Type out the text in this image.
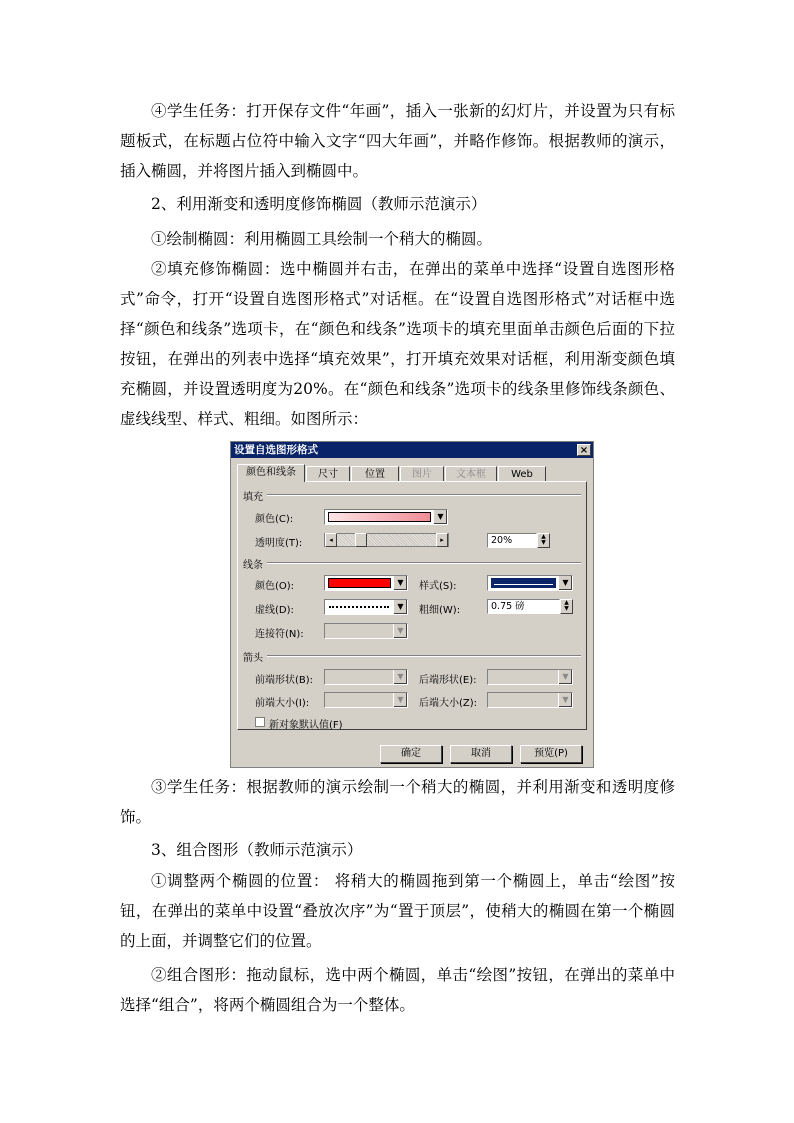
④学生任务：打开保存文件“年画”，插入一张新的幻灯片，并设置为只有标题板式，在标题占位符中输入文字“四大年画”，并略作修饰。根据教师的演示，插入椭圆，并将图片插入到椭圆中。
2、利用渐变和透明度修饰椭圆（教师示范演示）
①绘制椭圆：利用椭圆工具绘制一个稍大的椭圆。
②填充修饰椭圆：选中椭圆并右击，在弹出的菜单中选择“设置自选图形格式”命令，打开“设置自选图形格式”对话框。在“设置自选图形格式”对话框中选择“颜色和线条”选项卡，在“颜色和线条”选项卡的填充里面单击颜色后面的下拉按钮，在弹出的列表中选择“填充效果”，打开填充效果对话框，利用渐变颜色填充椭圆，并设置透明度为20%。在“颜色和线条”选项卡的线条里修饰线条颜色、虚线线型、样式、粗细。如图所示：
设置自选图形格式	×
颜色和线条	尺寸	位置	图片	文本框	Web
填充
颜色(C):	▼
透明度(T):	◂	▸	20%	▲
▼
线条
颜色(O):	▼	样式(S):	▼
虚线(D):	▼	粗细(W):	0.75 磅	▲
▼
连接符(N):	▼
箭头
前端形状(B):	▼	后端形状(E):	▼
前端大小(I):	▼	后端大小(Z):	▼
新对象默认值(F)
确定	取消	预览(P)
③学生任务：根据教师的演示绘制一个稍大的椭圆，并利用渐变和透明度修饰。
3、组合图形（教师示范演示）
①调整两个椭圆的位置： 将稍大的椭圆拖到第一个椭圆上，单击“绘图”按钮，在弹出的菜单中设置“叠放次序”为“置于顶层”，使稍大的椭圆在第一个椭圆的上面，并调整它们的位置。
②组合图形：拖动鼠标，选中两个椭圆，单击“绘图”按钮，在弹出的菜单中选择“组合”，将两个椭圆组合为一个整体。
